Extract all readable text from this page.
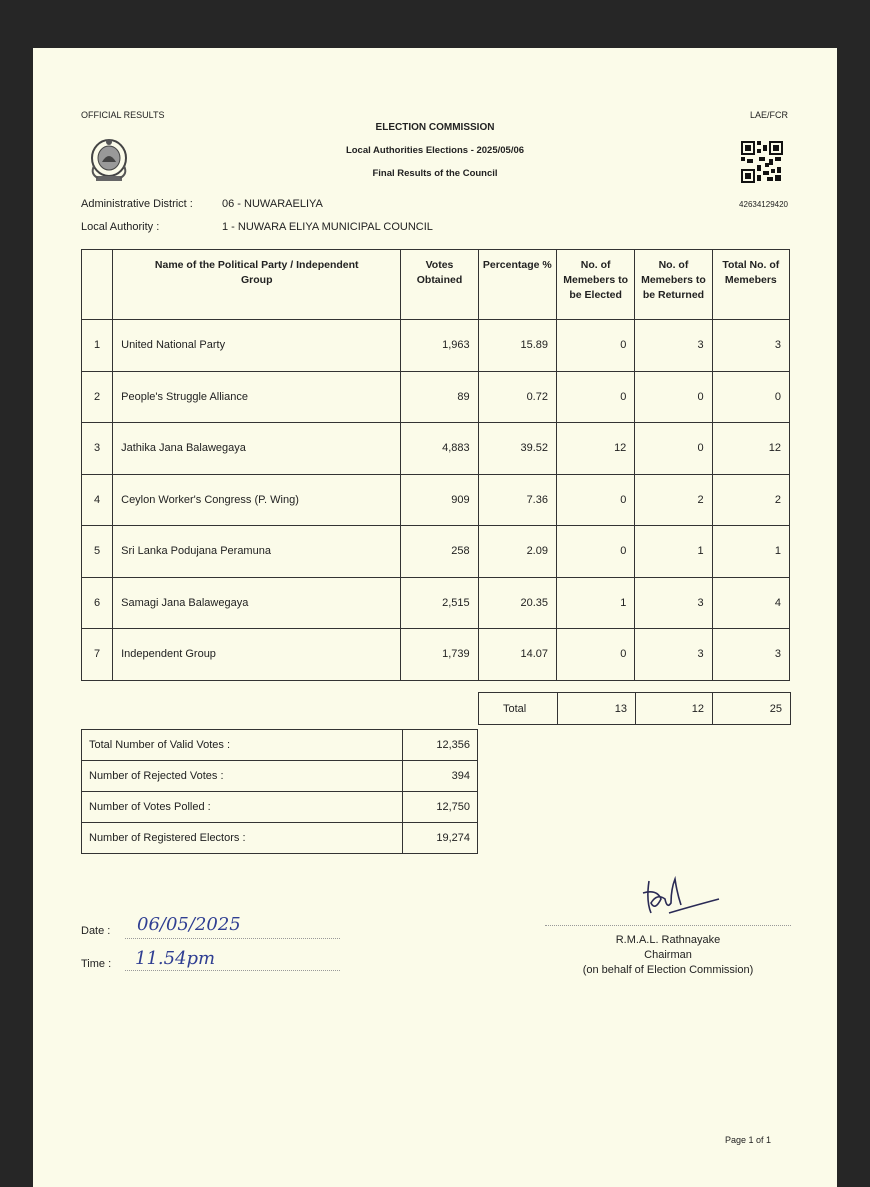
OFFICIAL RESULTS	LAE/FCR
ELECTION COMMISSION
Local Authorities Elections - 2025/05/06
Final Results of the Council
42634129420
Administrative District :	06 - NUWARAELIYA
Local Authority :	1 - NUWARA ELIYA MUNICIPAL COUNCIL
	Name of the Political Party / Independent Group	Votes Obtained	Percentage %	No. of Memebers to be Elected	No. of Memebers to be Returned	Total No. of Memebers
1	United National Party	1,963	15.89	0	3	3
2	People's Struggle Alliance	89	0.72	0	0	0
3	Jathika Jana Balawegaya	4,883	39.52	12	0	12
4	Ceylon Worker's Congress (P. Wing)	909	7.36	0	2	2
5	Sri Lanka Podujana Peramuna	258	2.09	0	1	1
6	Samagi Jana Balawegaya	2,515	20.35	1	3	4
7	Independent Group	1,739	14.07	0	3	3
Total	13	12	25
Total Number of Valid Votes :	12,356
Number of Rejected Votes :	394
Number of Votes Polled :	12,750
Number of Registered Electors :	19,274
Date : 06/05/2025
Time : 11.54pm
R.M.A.L. Rathnayake
Chairman
(on behalf of Election Commission)
Page 1 of 1
